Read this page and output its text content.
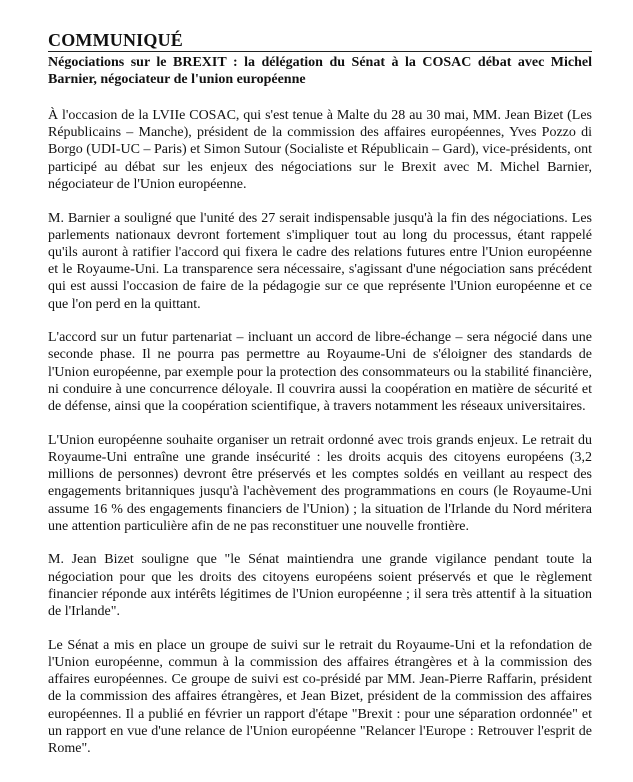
COMMUNIQUÉ

Négociations sur le BREXIT : la délégation du Sénat à la COSAC débat avec Michel Barnier, négociateur de l'union européenne

À l'occasion de la LVIIe COSAC, qui s'est tenue à Malte du 28 au 30 mai, MM. Jean Bizet (Les Républicains – Manche), président de la commission des affaires européennes, Yves Pozzo di Borgo (UDI-UC – Paris) et Simon Sutour (Socialiste et Républicain – Gard), vice-présidents, ont participé au débat sur les enjeux des négociations sur le Brexit avec M. Michel Barnier, négociateur de l'Union européenne.

M. Barnier a souligné que l'unité des 27 serait indispensable jusqu'à la fin des négociations. Les parlements nationaux devront fortement s'impliquer tout au long du processus, étant rappelé qu'ils auront à ratifier l'accord qui fixera le cadre des relations futures entre l'Union européenne et le Royaume-Uni. La transparence sera nécessaire, s'agissant d'une négociation sans précédent qui est aussi l'occasion de faire de la pédagogie sur ce que représente l'Union européenne et ce que l'on perd en la quittant.

L'accord sur un futur partenariat – incluant un accord de libre-échange – sera négocié dans une seconde phase. Il ne pourra pas permettre au Royaume-Uni de s'éloigner des standards de l'Union européenne, par exemple pour la protection des consommateurs ou la stabilité financière, ni conduire à une concurrence déloyale. Il couvrira aussi la coopération en matière de sécurité et de défense, ainsi que la coopération scientifique, à travers notamment les réseaux universitaires.

L'Union européenne souhaite organiser un retrait ordonné avec trois grands enjeux. Le retrait du Royaume-Uni entraîne une grande insécurité : les droits acquis des citoyens européens (3,2 millions de personnes) devront être préservés et les comptes soldés en veillant au respect des engagements britanniques jusqu'à l'achèvement des programmations en cours (le Royaume-Uni assume 16 % des engagements financiers de l'Union) ; la situation de l'Irlande du Nord méritera une attention particulière afin de ne pas reconstituer une nouvelle frontière.

M. Jean Bizet souligne que "le Sénat maintiendra une grande vigilance pendant toute la négociation pour que les droits des citoyens européens soient préservés et que le règlement financier réponde aux intérêts légitimes de l'Union européenne ; il sera très attentif à la situation de l'Irlande".

Le Sénat a mis en place un groupe de suivi sur le retrait du Royaume-Uni et la refondation de l'Union européenne, commun à la commission des affaires étrangères et à la commission des affaires européennes. Ce groupe de suivi est co-présidé par MM. Jean-Pierre Raffarin, président de la commission des affaires étrangères, et Jean Bizet, président de la commission des affaires européennes. Il a publié en février un rapport d'étape "Brexit : pour une séparation ordonnée" et un rapport en vue d'une relance de l'Union européenne "Relancer l'Europe : Retrouver l'esprit de Rome".
